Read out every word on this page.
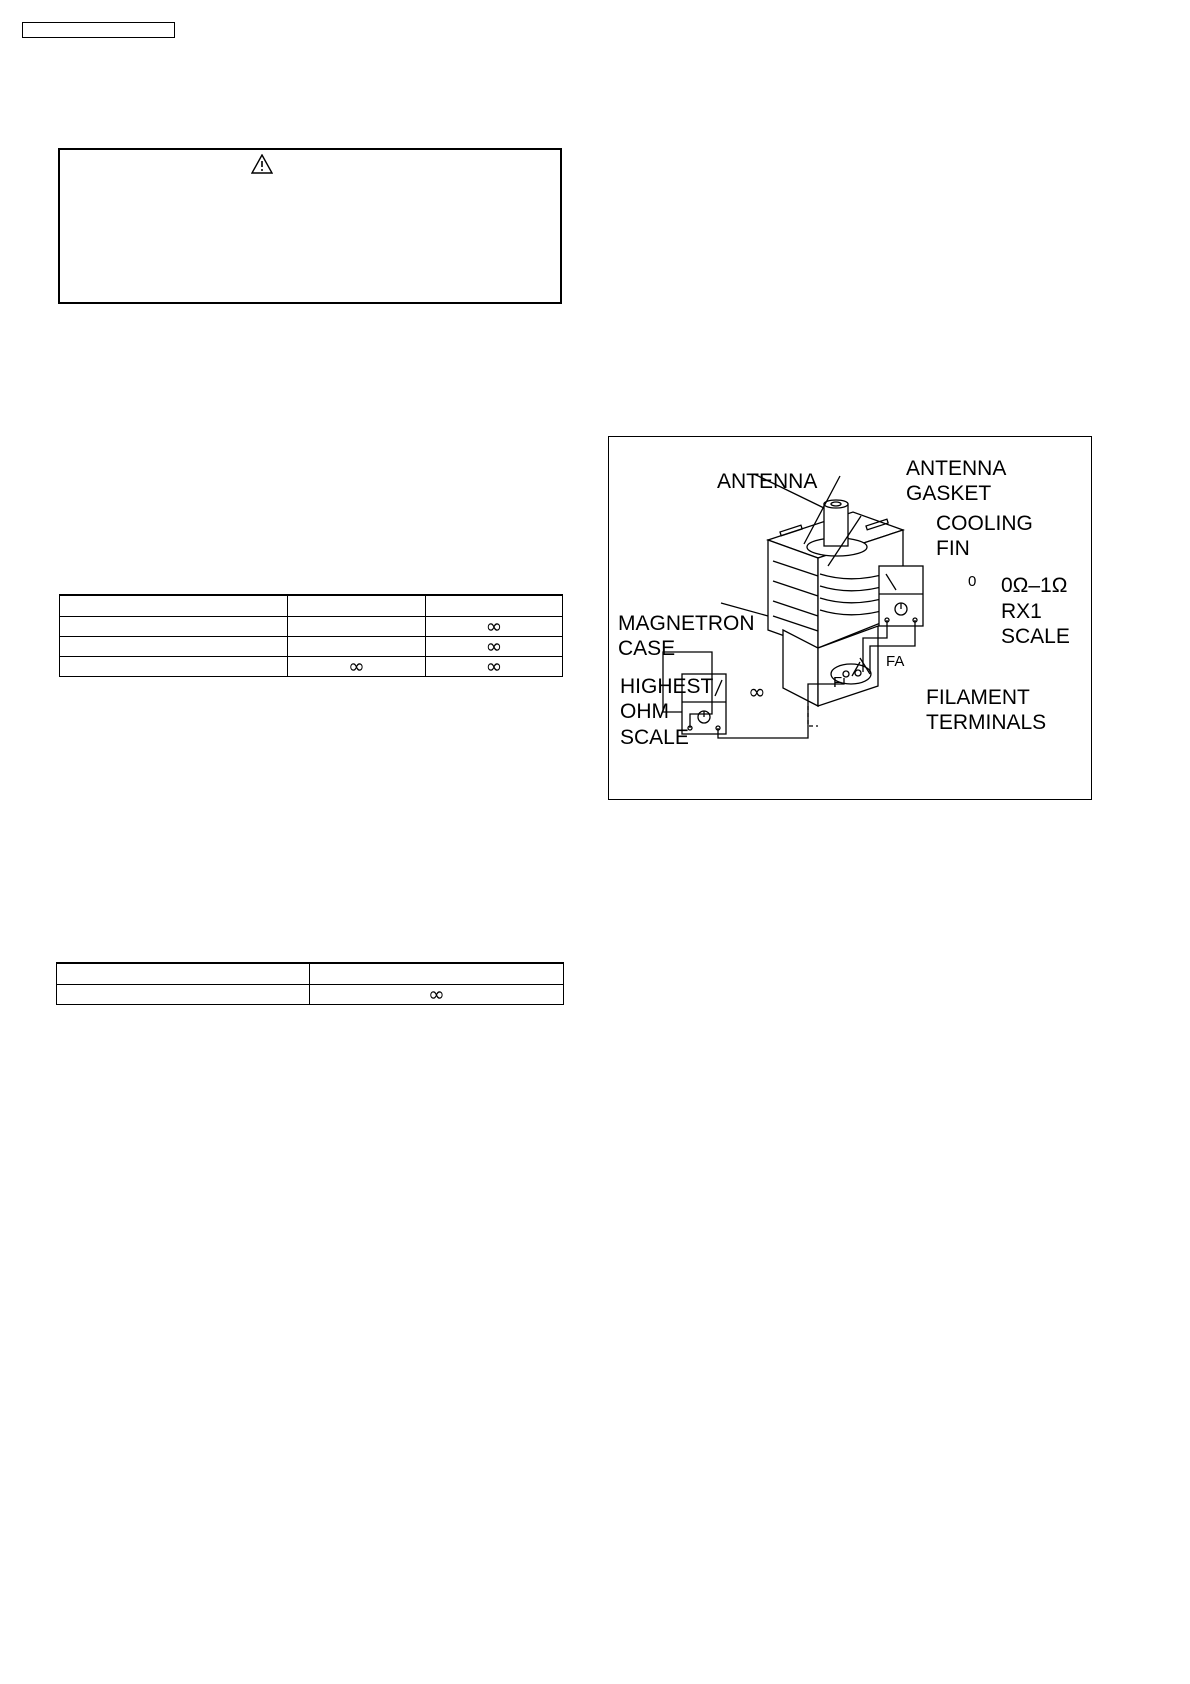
		∞
		∞
	∞	∞

	∞
ANTENNA
ANTENNA
GASKET
COOLING
FIN
0Ω–1Ω
RX1
SCALE
MAGNETRON
CASE
HIGHEST
OHM
SCALE
FILAMENT
TERMINALS
F
FA
0
∞
